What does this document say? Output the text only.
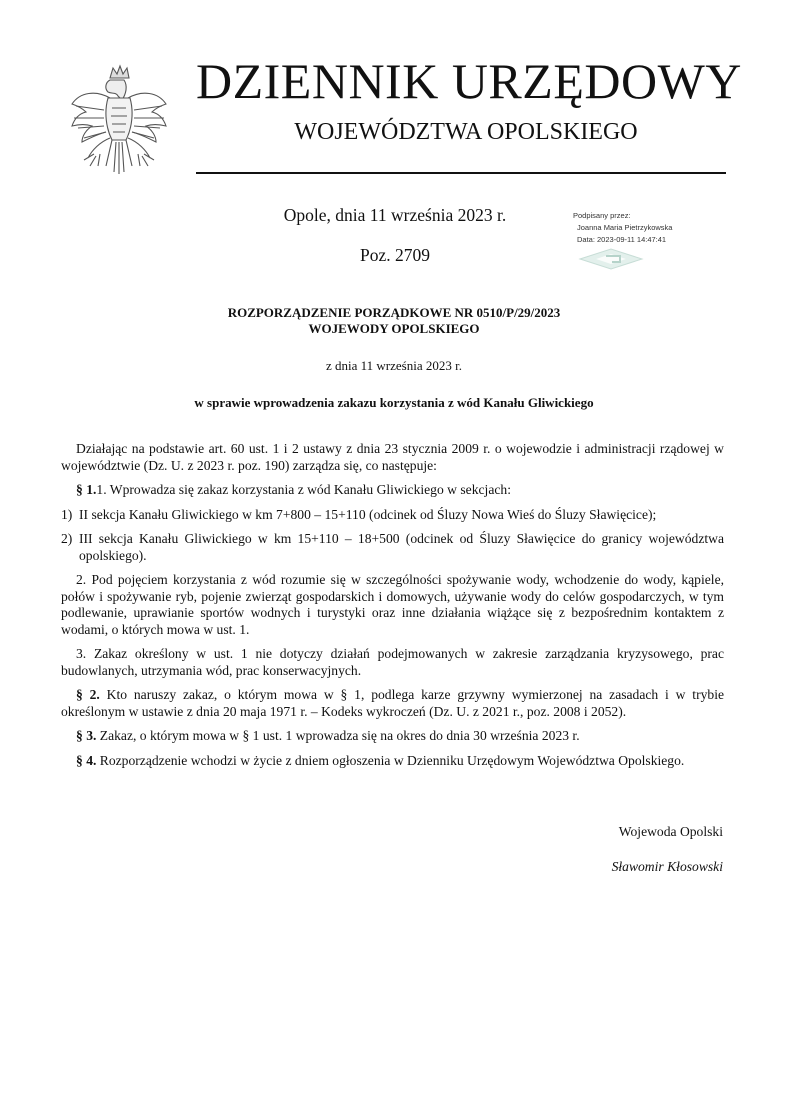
DZIENNIK URZĘDOWY
WOJEWÓDZTWA OPOLSKIEGO
Opole, dnia 11 września 2023 r.
Poz. 2709
Podpisany przez:
Joanna Maria Pietrzykowska
Data: 2023-09-11 14:47:41
ROZPORZĄDZENIE PORZĄDKOWE NR 0510/P/29/2023
WOJEWODY OPOLSKIEGO
z dnia 11 września 2023 r.
w sprawie wprowadzenia zakazu korzystania z wód Kanału Gliwickiego

Działając na podstawie art. 60 ust. 1 i 2 ustawy z dnia 23 stycznia 2009 r. o wojewodzie i administracji rządowej w województwie (Dz. U. z 2023 r. poz. 190) zarządza się, co następuje:

§ 1.1. Wprowadza się zakaz korzystania z wód Kanału Gliwickiego w sekcjach:

1) II sekcja Kanału Gliwickiego w km 7+800 – 15+110 (odcinek od Śluzy Nowa Wieś do Śluzy Sławięcice);
2) III sekcja Kanału Gliwickiego w km 15+110 – 18+500 (odcinek od Śluzy Sławięcice do granicy województwa opolskiego).

2. Pod pojęciem korzystania z wód rozumie się w szczególności spożywanie wody, wchodzenie do wody, kąpiele, połów i spożywanie ryb, pojenie zwierząt gospodarskich i domowych, używanie wody do celów gospodarczych, w tym podlewanie, uprawianie sportów wodnych i turystyki oraz inne działania wiążące się z bezpośrednim kontaktem z wodami, o których mowa w ust. 1.

3. Zakaz określony w ust. 1 nie dotyczy działań podejmowanych w zakresie zarządzania kryzysowego, prac budowlanych, utrzymania wód, prac konserwacyjnych.

§ 2. Kto naruszy zakaz, o którym mowa w § 1, podlega karze grzywny wymierzonej na zasadach i w trybie określonym w ustawie z dnia 20 maja 1971 r. – Kodeks wykroczeń (Dz. U. z 2021 r., poz. 2008 i 2052).

§ 3. Zakaz, o którym mowa w § 1 ust. 1 wprowadza się na okres do dnia 30 września 2023 r.

§ 4. Rozporządzenie wchodzi w życie z dniem ogłoszenia w Dzienniku Urzędowym Województwa Opolskiego.

Wojewoda Opolski
Sławomir Kłosowski
